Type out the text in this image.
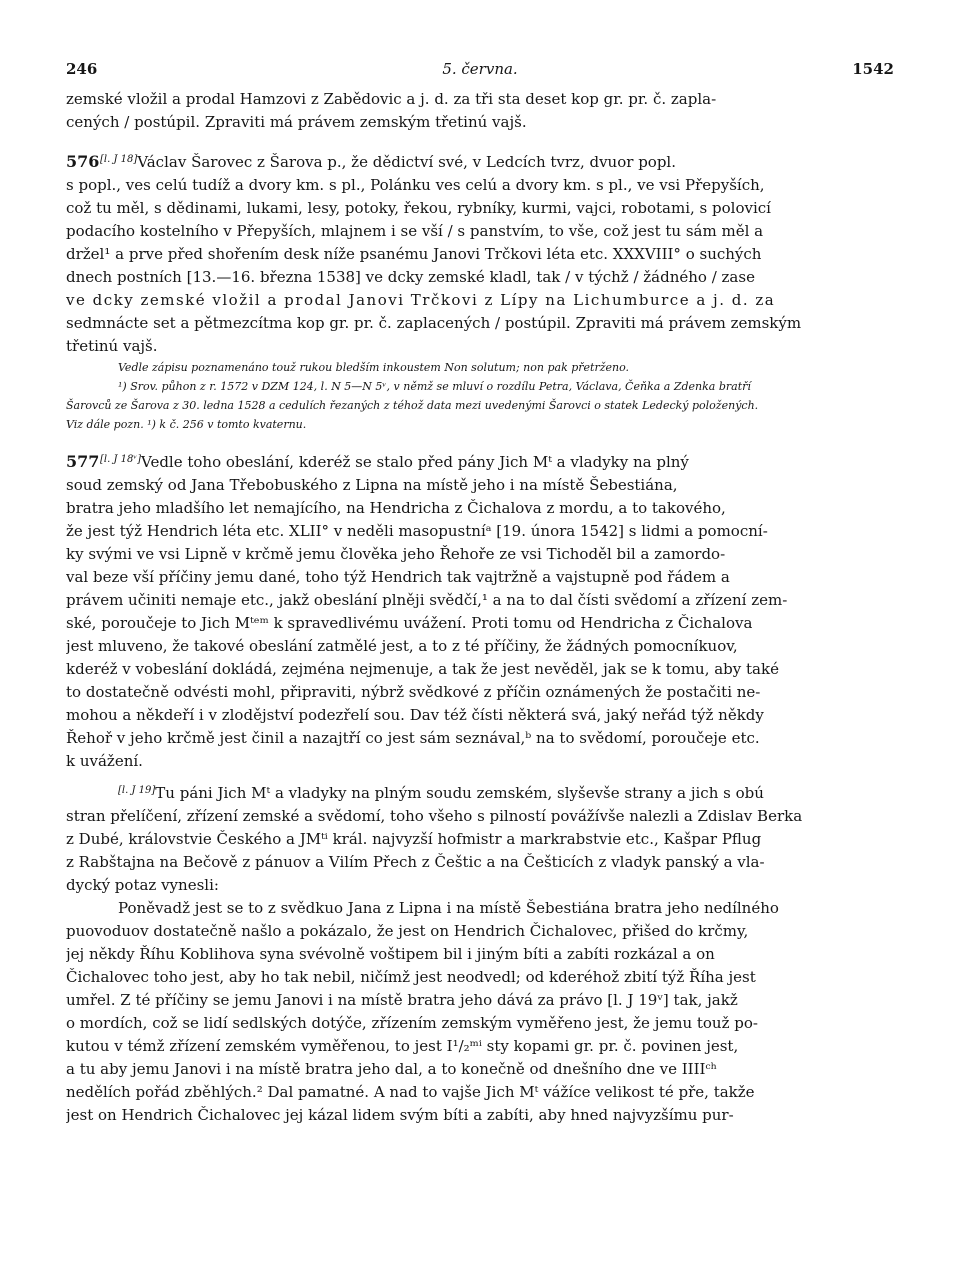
246	5. června.	1542
zemské vložil a prodal Hamzovi z Zabědovic a j. d. za tři sta deset kop gr. pr. č. zapla-
cených / postúpil. Zpraviti má právem zemským třetinú vajš.
576[l. J 18]Václav Šarovec z Šarova p., že dědictví své, v Ledcích tvrz, dvuor popl.
s popl., ves celú tudíž a dvory km. s pl., Polánku ves celú a dvory km. s pl., ve vsi Přepyších,
což tu měl, s dědinami, lukami, lesy, potoky, řekou, rybníky, kurmi, vajci, robotami, s polovicí
podacího kostelního v Přepyších, mlajnem i se vší / s panstvím, to vše, což jest tu sám měl a
držel¹ a prve před shořením desk níže psanému Janovi Trčkovi léta etc. XXXVIII° o suchých
dnech postních [13.—16. března 1538] ve dcky zemské kladl, tak / v týchž / žádného / zase
ve dcky zemské vložil a prodal Janovi Trčkovi z Lípy na Lichumburce a j. d. za
sedmnácte set a pětmezcítma kop gr. pr. č. zaplacených / postúpil. Zpraviti má právem zemským
třetinú vajš.
Vedle zápisu poznamenáno touž rukou bledším inkoustem Non solutum; non pak přetrženo.
¹) Srov. půhon z r. 1572 v DZM 124, l. N 5—N 5ᵛ, v němž se mluví o rozdílu Petra, Václava, Čeňka a Zdenka bratří
Šarovců ze Šarova z 30. ledna 1528 a cedulích řezaných z téhož data mezi uvedenými Šarovci o statek Ledecký položených.
Viz dále pozn. ¹) k č. 256 v tomto kvaternu.
577[l. J 18ᵛ]Vedle toho obeslání, kderéž se stalo před pány Jich Mᵗ a vladyky na plný
soud zemský od Jana Třebobuského z Lipna na místě jeho i na místě Šebestiána,
bratra jeho mladšího let nemajícího, na Hendricha z Čichalova z mordu, a to takového,
že jest týž Hendrich léta etc. XLII° v neděli masopustníᵃ [19. února 1542] s lidmi a pomocní-
ky svými ve vsi Lipně v krčmě jemu člověka jeho Řehoře ze vsi Tichoděl bil a zamordo-
val beze vší příčiny jemu dané, toho týž Hendrich tak vajtržně a vajstupně pod řádem a
právem učiniti nemaje etc., jakž obeslání plněji svědčí,¹ a na to dal čísti svědomí a zřízení zem-
ské, poroučeje to Jich Mᵗᵉᵐ k spravedlivému uvážení. Proti tomu od Hendricha z Čichalova
jest mluveno, že takové obeslání zatmělé jest, a to z té příčiny, že žádných pomocníkuov,
kderéž v vobeslání dokládá, zejména nejmenuje, a tak že jest nevěděl, jak se k tomu, aby také
to dostatečně odvésti mohl, připraviti, nýbrž svědkové z příčin oznámených že postačiti ne-
mohou a někdeří i v zlodějství podezřelí sou. Dav též čísti některá svá, jaký neřád týž někdy
Řehoř v jeho krčmě jest činil a nazajtří co jest sám seznával,ᵇ na to svědomí, poroučeje etc.
k uvážení.
[l. J 19]Tu páni Jich Mᵗ a vladyky na plným soudu zemském, slyševše strany a jich s obú
stran přelíčení, zřízení zemské a svědomí, toho všeho s pilností povážívše nalezli a Zdislav Berka
z Dubé, královstvie Českého a JMᵗⁱ král. najvyzší hofmistr a markrabstvie etc., Kašpar Pflug
z Rabštajna na Bečově z pánuov a Vilím Přech z Češtic a na Češticích z vladyk panský a vla-
dycký potaz vynesli:
Poněvadž jest se to z svědkuo Jana z Lipna i na místě Šebestiána bratra jeho nedílného
puovoduov dostatečně našlo a pokázalo, že jest on Hendrich Čichalovec, přišed do krčmy,
jej někdy Říhu Koblihova syna svévolně voštipem bil i jiným bíti a zabíti rozkázal a on
Čichalovec toho jest, aby ho tak nebil, ničímž jest neodvedl; od kderéhož zbití týž Říha jest
umřel. Z té příčiny se jemu Janovi i na místě bratra jeho dává za právo [l. J 19ᵛ] tak, jakž
o mordích, což se lidí sedlských dotýče, zřízením zemským vyměřeno jest, že jemu touž po-
kutou v témž zřízení zemském vyměřenou, to jest I¹/₂ᵐⁱ sty kopami gr. pr. č. povinen jest,
a tu aby jemu Janovi i na místě bratra jeho dal, a to konečně od dnešního dne ve IIIIᶜʰ
nedělích pořád zběhlých.² Dal pamatné. A nad to vajše Jich Mᵗ vážíce velikost té pře, takže
jest on Hendrich Čichalovec jej kázal lidem svým bíti a zabíti, aby hned najvyzšímu pur-
